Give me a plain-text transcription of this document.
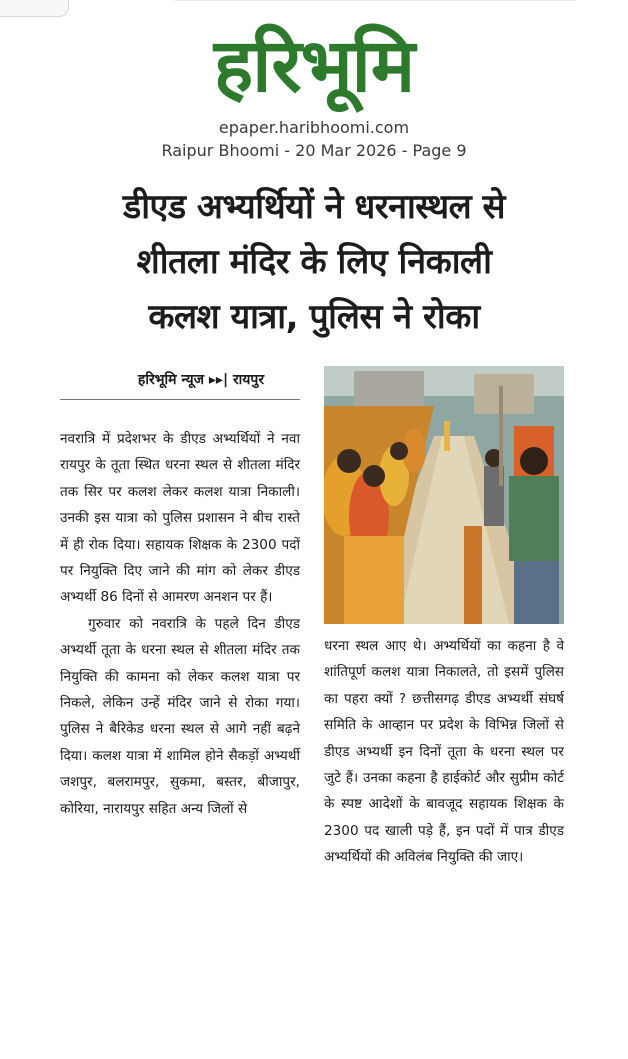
हरिभूमि
epaper.haribhoomi.com
Raipur Bhoomi - 20 Mar 2026 - Page 9
डीएड अभ्यर्थियों ने धरनास्थल से
शीतला मंदिर के लिए निकाली
कलश यात्रा, पुलिस ने रोका
हरिभूमि न्यूज ▸▸| रायपुर

नवरात्रि में प्रदेशभर के डीएड अभ्यर्थियों ने नवा रायपुर के तूता स्थित धरना स्थल से शीतला मंदिर तक सिर पर कलश लेकर कलश यात्रा निकाली। उनकी इस यात्रा को पुलिस प्रशासन ने बीच रास्ते में ही रोक दिया। सहायक शिक्षक के 2300 पदों पर नियुक्ति दिए जाने की मांग को लेकर डीएड अभ्यर्थी 86 दिनों से आमरण अनशन पर हैं।

गुरुवार को नवरात्रि के पहले दिन डीएड अभ्यर्थी तूता के धरना स्थल से शीतला मंदिर तक नियुक्ति की कामना को लेकर कलश यात्रा पर निकले, लेकिन उन्हें मंदिर जाने से रोका गया। पुलिस ने बैरिकेड धरना स्थल से आगे नहीं बढ़ने दिया। कलश यात्रा में शामिल होने सैकड़ों अभ्यर्थी जशपुर, बलरामपुर, सुकमा, बस्तर, बीजापुर, कोरिया, नारायपुर सहित अन्य जिलों से

धरना स्थल आए थे। अभ्यर्थियों का कहना है वे शांतिपूर्ण कलश यात्रा निकालते, तो इसमें पुलिस का पहरा क्यों ? छत्तीसगढ़ डीएड अभ्यर्थी संघर्ष समिति के आव्हान पर प्रदेश के विभिन्न जिलों से डीएड अभ्यर्थी इन दिनों तूता के धरना स्थल पर जुटे हैं। उनका कहना है हाईकोर्ट और सुप्रीम कोर्ट के स्पष्ट आदेशों के बावजूद सहायक शिक्षक के 2300 पद खाली पड़े हैं, इन पदों में पात्र डीएड अभ्यर्थियों की अविलंब नियुक्ति की जाए।
